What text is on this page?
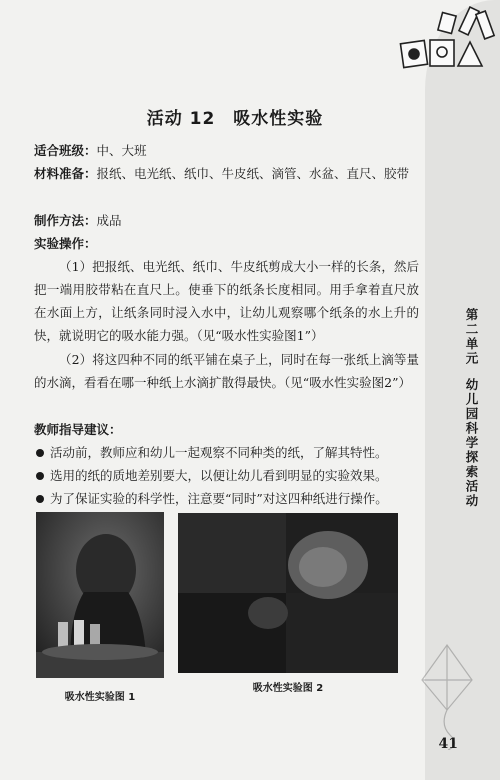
活动 12 吸水性实验
适合班级：中、大班
材料准备：报纸、电光纸、纸巾、牛皮纸、滴管、水盆、直尺、胶带
制作方法：成品
实验操作：
（1）把报纸、电光纸、纸巾、牛皮纸剪成大小一样的长条，然后把一端用胶带粘在直尺上。使垂下的纸条长度相同。用手拿着直尺放在水面上方，让纸条同时浸入水中，让幼儿观察哪个纸条的水上升的快，就说明它的吸水能力强。（见“吸水性实验图1”）
（2）将这四种不同的纸平铺在桌子上，同时在每一张纸上滴等量的水滴，看看在哪一种纸上水滴扩散得最快。（见“吸水性实验图2”）
教师指导建议：
活动前，教师应和幼儿一起观察不同种类的纸，了解其特性。
选用的纸的质地差别要大，以便让幼儿看到明显的实验效果。
为了保证实验的科学性，注意要“同时”对这四种纸进行操作。
第二单元幼儿园科学探索活动
吸水性实验图 1
吸水性实验图 2
41
